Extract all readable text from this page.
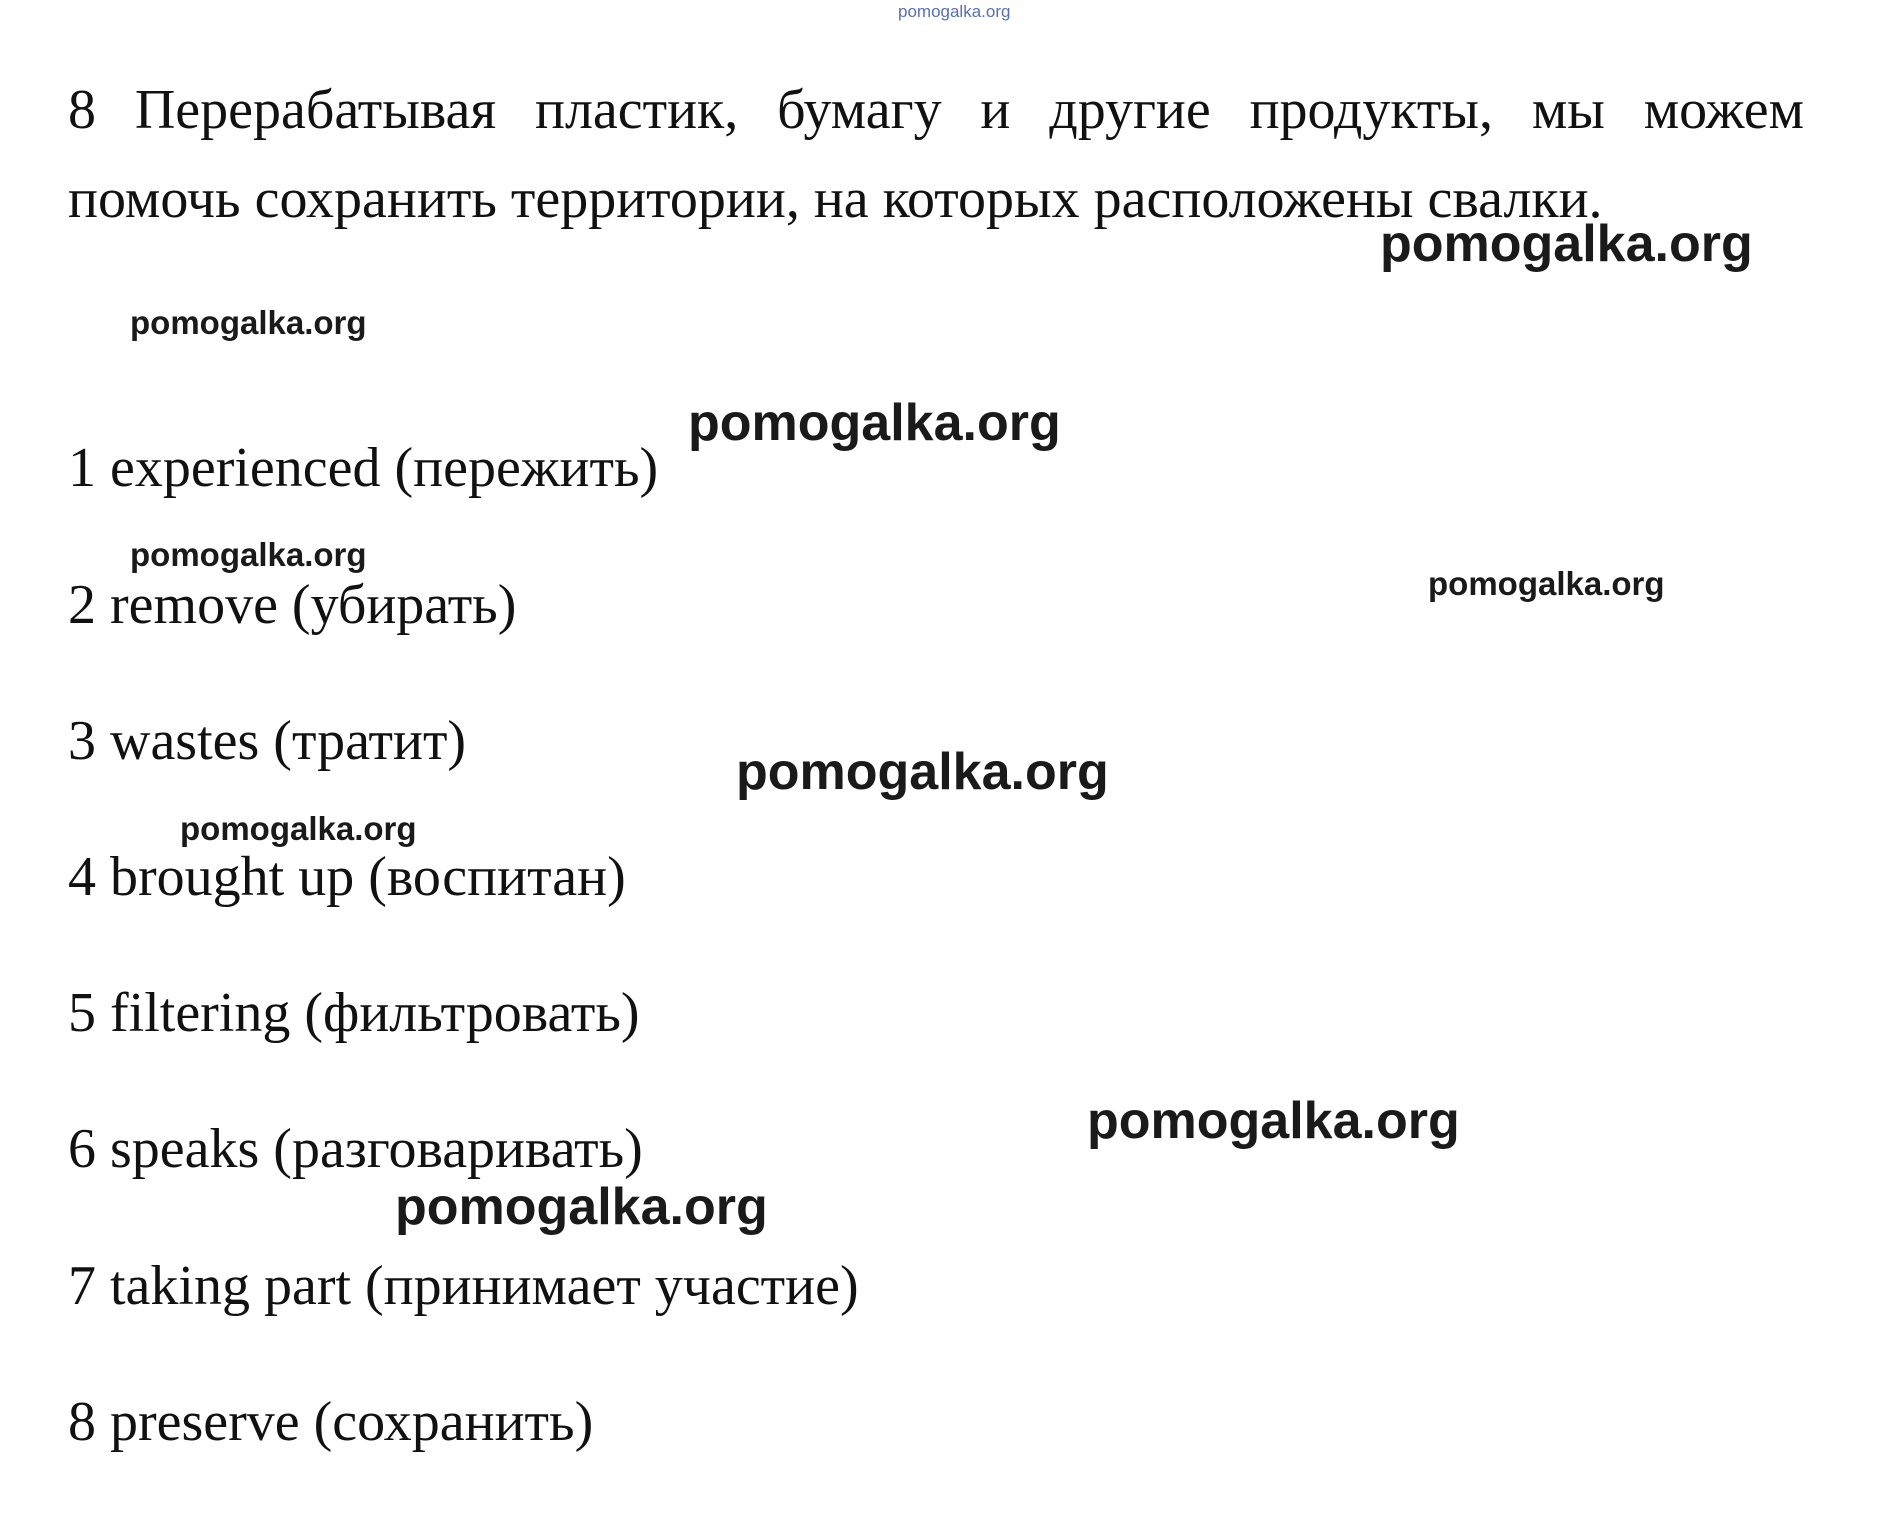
pomogalka.org
8 Перерабатывая пластик, бумагу и другие продукты, мы можем
помочь сохранить территории, на которых расположены свалки.
1 experienced (пережить)
2 remove (убирать)
3 wastes (тратит)
4 brought up (воспитан)
5 filtering (фильтровать)
6 speaks (разговаривать)
7 taking part (принимает участие)
8 preserve (сохранить)
pomogalka.org
pomogalka.org
pomogalka.org
pomogalka.org
pomogalka.org
pomogalka.org
pomogalka.org
pomogalka.org
pomogalka.org
